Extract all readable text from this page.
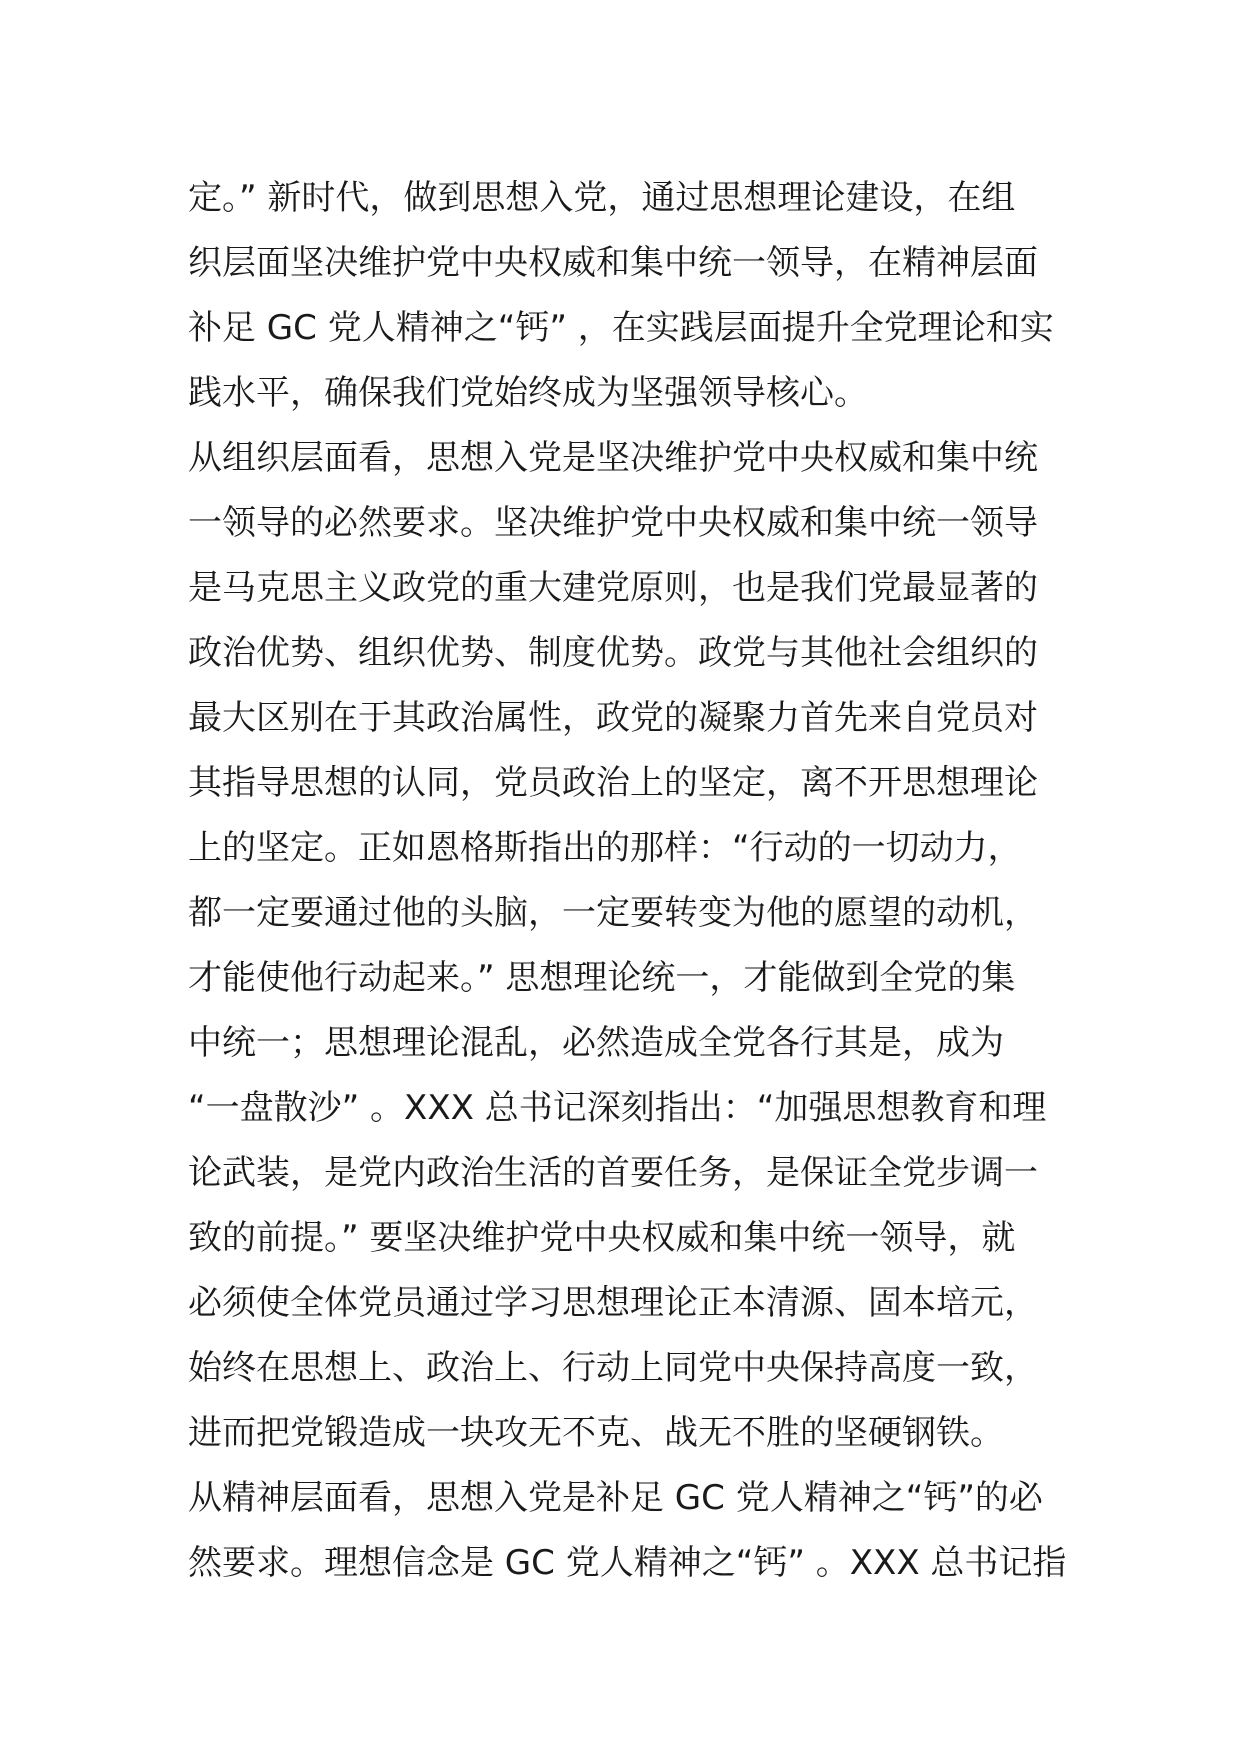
定。” 新时代，做到思想入党，通过思想理论建设，在组
织层面坚决维护党中央权威和集中统一领导，在精神层面
补足 GC 党人精神之“钙” ，在实践层面提升全党理论和实
践水平，确保我们党始终成为坚强领导核心。
从组织层面看，思想入党是坚决维护党中央权威和集中统
一领导的必然要求。坚决维护党中央权威和集中统一领导
是马克思主义政党的重大建党原则，也是我们党最显著的
政治优势、组织优势、制度优势。政党与其他社会组织的
最大区别在于其政治属性，政党的凝聚力首先来自党员对
其指导思想的认同，党员政治上的坚定，离不开思想理论
上的坚定。正如恩格斯指出的那样：“行动的一切动力，
都一定要通过他的头脑，一定要转变为他的愿望的动机，
才能使他行动起来。” 思想理论统一，才能做到全党的集
中统一；思想理论混乱，必然造成全党各行其是，成为
“一盘散沙” 。XXX 总书记深刻指出：“加强思想教育和理
论武装，是党内政治生活的首要任务，是保证全党步调一
致的前提。” 要坚决维护党中央权威和集中统一领导，就
必须使全体党员通过学习思想理论正本清源、固本培元，
始终在思想上、政治上、行动上同党中央保持高度一致，
进而把党锻造成一块攻无不克、战无不胜的坚硬钢铁。
从精神层面看，思想入党是补足 GC 党人精神之“钙”的必
然要求。理想信念是 GC 党人精神之“钙” 。XXX 总书记指
